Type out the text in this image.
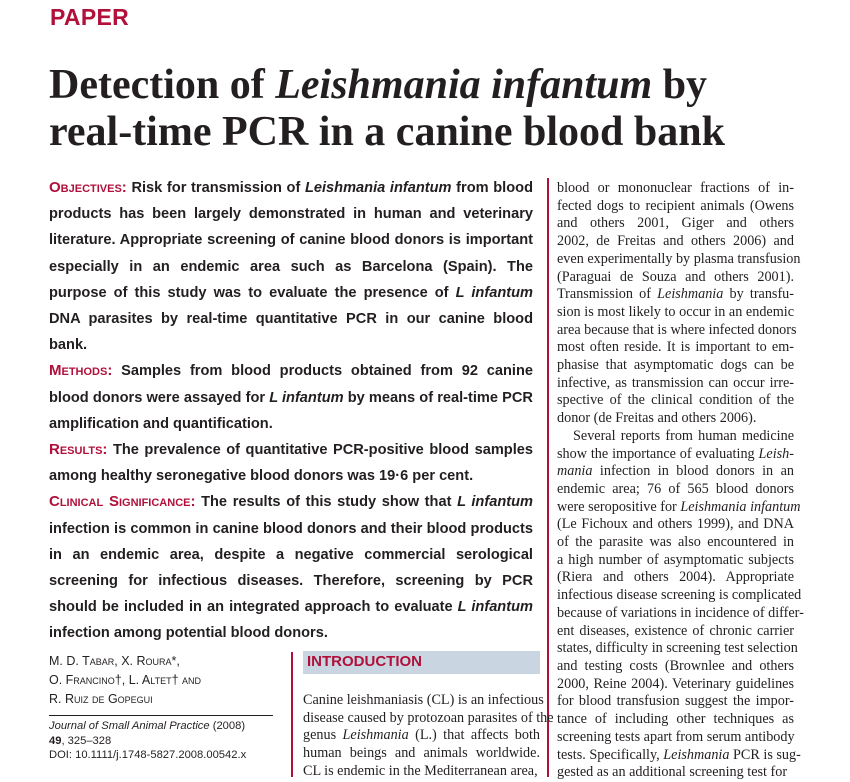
PAPER
Detection of Leishmania infantum by
real-time PCR in a canine blood bank

Objectives: Risk for transmission of Leishmania infantum from blood products has been largely demonstrated in human and veterinary literature. Appropriate screening of canine blood donors is important especially in an endemic area such as Barcelona (Spain). The purpose of this study was to evaluate the presence of L infantum DNA parasites by real-time quantitative PCR in our canine blood bank.

Methods: Samples from blood products obtained from 92 canine blood donors were assayed for L infantum by means of real-time PCR amplification and quantification.

Results: The prevalence of quantitative PCR-positive blood samples among healthy seronegative blood donors was 19·6 per cent.

Clinical Significance: The results of this study show that L infantum infection is common in canine blood donors and their blood products in an endemic area, despite a negative commercial serological screening for infectious diseases. Therefore, screening by PCR should be included in an integrated approach to evaluate L infantum infection among potential blood donors.

M. D. Tabar, X. Roura*,
O. Francino†, L. Altet† and
R. Ruiz de Gopegui
Journal of Small Animal Practice (2008)
49, 325–328
DOI: 10.1111/j.1748-5827.2008.00542.x
INTRODUCTION
Canine leishmaniasis (CL) is an infectious
disease caused by protozoan parasites of the
genus Leishmania (L.) that affects both
human beings and animals worldwide.
CL is endemic in the Mediterranean area,
blood or mononuclear fractions of in-
fected dogs to recipient animals (Owens
and others 2001, Giger and others
2002, de Freitas and others 2006) and
even experimentally by plasma transfusion
(Paraguai de Souza and others 2001).
Transmission of Leishmania by transfu-
sion is most likely to occur in an endemic
area because that is where infected donors
most often reside. It is important to em-
phasise that asymptomatic dogs can be
infective, as transmission can occur irre-
spective of the clinical condition of the
donor (de Freitas and others 2006).
Several reports from human medicine
show the importance of evaluating Leish-
mania infection in blood donors in an
endemic area; 76 of 565 blood donors
were seropositive for Leishmania infantum
(Le Fichoux and others 1999), and DNA
of the parasite was also encountered in
a high number of asymptomatic subjects
(Riera and others 2004). Appropriate
infectious disease screening is complicated
because of variations in incidence of differ-
ent diseases, existence of chronic carrier
states, difficulty in screening test selection
and testing costs (Brownlee and others
2000, Reine 2004). Veterinary guidelines
for blood transfusion suggest the impor-
tance of including other techniques as
screening tests apart from serum antibody
tests. Specifically, Leishmania PCR is sug-
gested as an additional screening test for
